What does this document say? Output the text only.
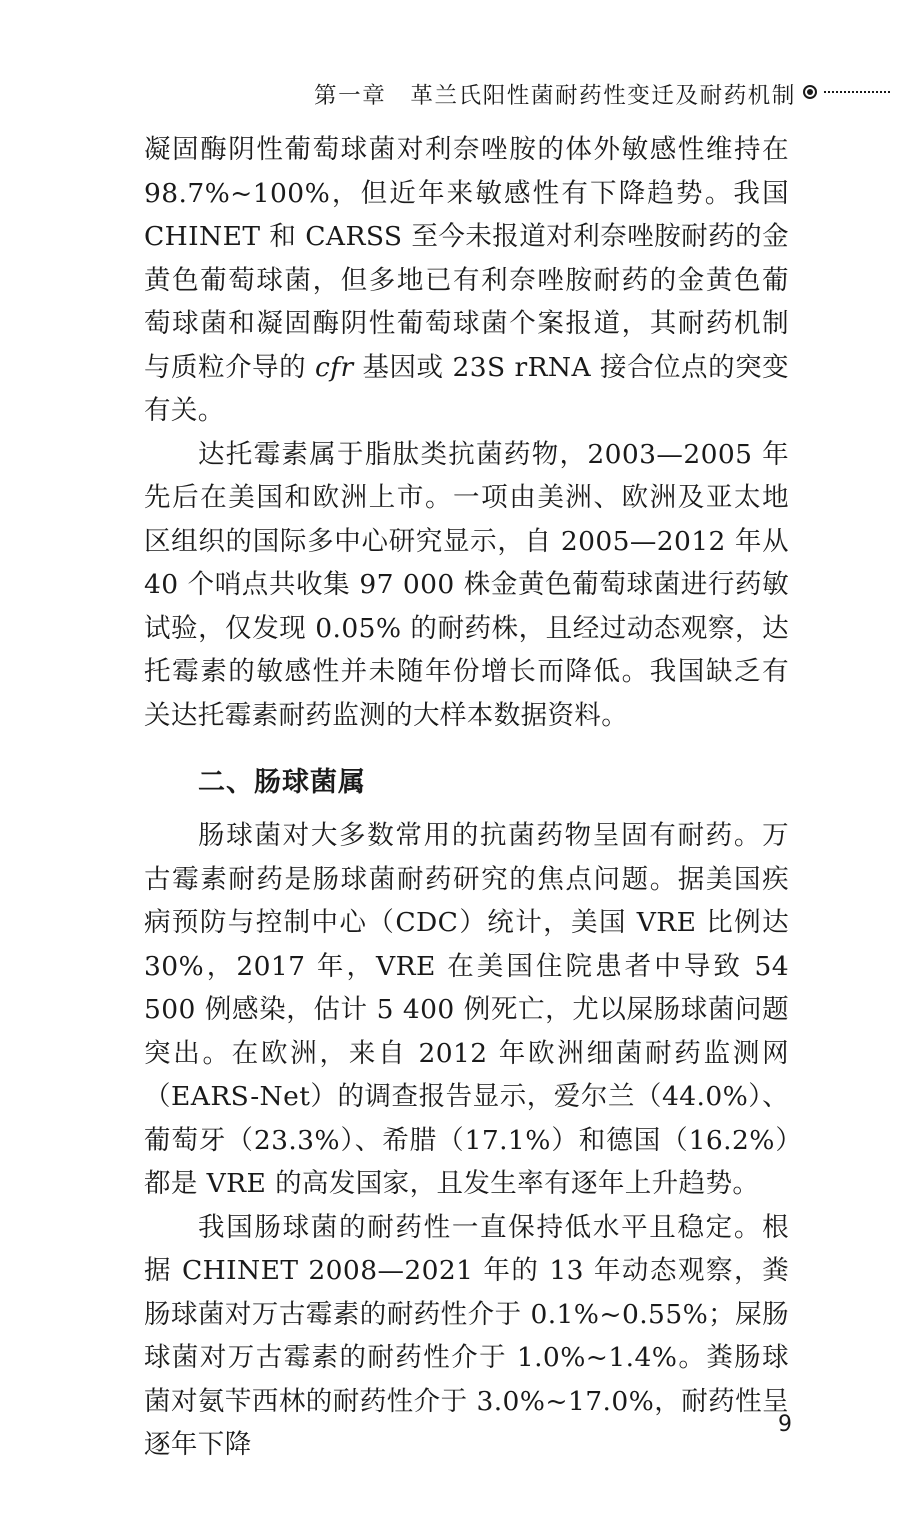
第一章　革兰氏阳性菌耐药性变迁及耐药机制

凝固酶阴性葡萄球菌对利奈唑胺的体外敏感性维持在 98.7%~100%，但近年来敏感性有下降趋势。我国 CHINET 和 CARSS 至今未报道对利奈唑胺耐药的金黄色葡萄球菌，但多地已有利奈唑胺耐药的金黄色葡萄球菌和凝固酶阴性葡萄球菌个案报道，其耐药机制与质粒介导的 cfr 基因或 23S rRNA 接合位点的突变有关。

达托霉素属于脂肽类抗菌药物，2003—2005 年先后在美国和欧洲上市。一项由美洲、欧洲及亚太地区组织的国际多中心研究显示，自 2005—2012 年从 40 个哨点共收集 97 000 株金黄色葡萄球菌进行药敏试验，仅发现 0.05% 的耐药株，且经过动态观察，达托霉素的敏感性并未随年份增长而降低。我国缺乏有关达托霉素耐药监测的大样本数据资料。

二、肠球菌属

肠球菌对大多数常用的抗菌药物呈固有耐药。万古霉素耐药是肠球菌耐药研究的焦点问题。据美国疾病预防与控制中心（CDC）统计，美国 VRE 比例达 30%，2017 年，VRE 在美国住院患者中导致 54 500 例感染，估计 5 400 例死亡，尤以屎肠球菌问题突出。在欧洲，来自 2012 年欧洲细菌耐药监测网（EARS-Net）的调查报告显示，爱尔兰（44.0%）、葡萄牙（23.3%）、希腊（17.1%）和德国（16.2%）都是 VRE 的高发国家，且发生率有逐年上升趋势。

我国肠球菌的耐药性一直保持低水平且稳定。根据 CHINET 2008—2021 年的 13 年动态观察，粪肠球菌对万古霉素的耐药性介于 0.1%~0.55%；屎肠球菌对万古霉素的耐药性介于 1.0%~1.4%。粪肠球菌对氨苄西林的耐药性介于 3.0%~17.0%，耐药性呈逐年下降

9
